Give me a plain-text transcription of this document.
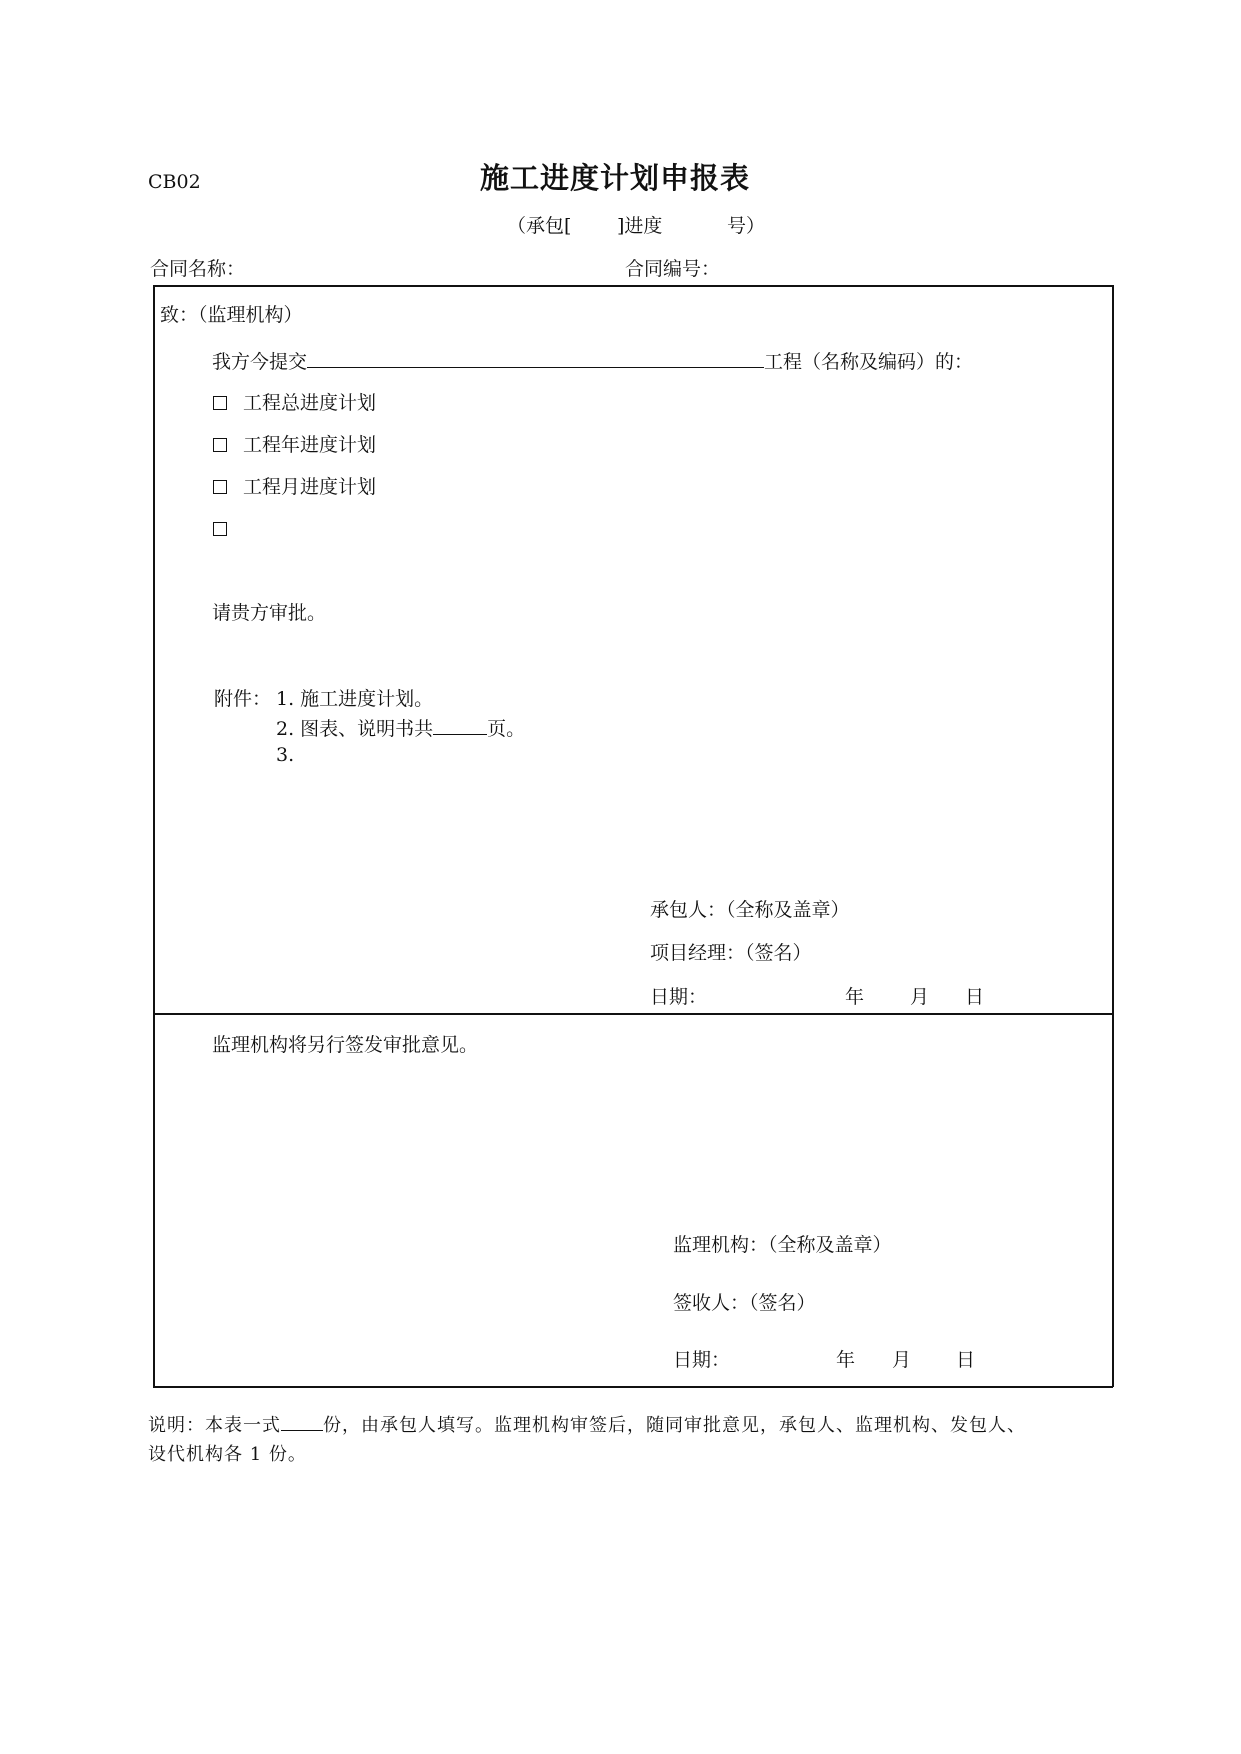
CB02	施工进度计划申报表
（承包[ ]进度	号）
合同名称：	合同编号：
致：（监理机构）
我方今提交	工程（名称及编码）的：
工程总进度计划
工程年进度计划
工程月进度计划
请贵方审批。
附件： 1. 施工进度计划。
2. 图表、说明书共	页。
3.
承包人：（全称及盖章）
项目经理：（签名）
日期：	年 月 日
监理机构将另行签发审批意见。
监理机构：（全称及盖章）
签收人：（签名）
日期：	年 月 日
说明：本表一式 份，由承包人填写。监理机构审签后，随同审批意见，承包人、监理机构、发包人、
设代机构各 1 份。
